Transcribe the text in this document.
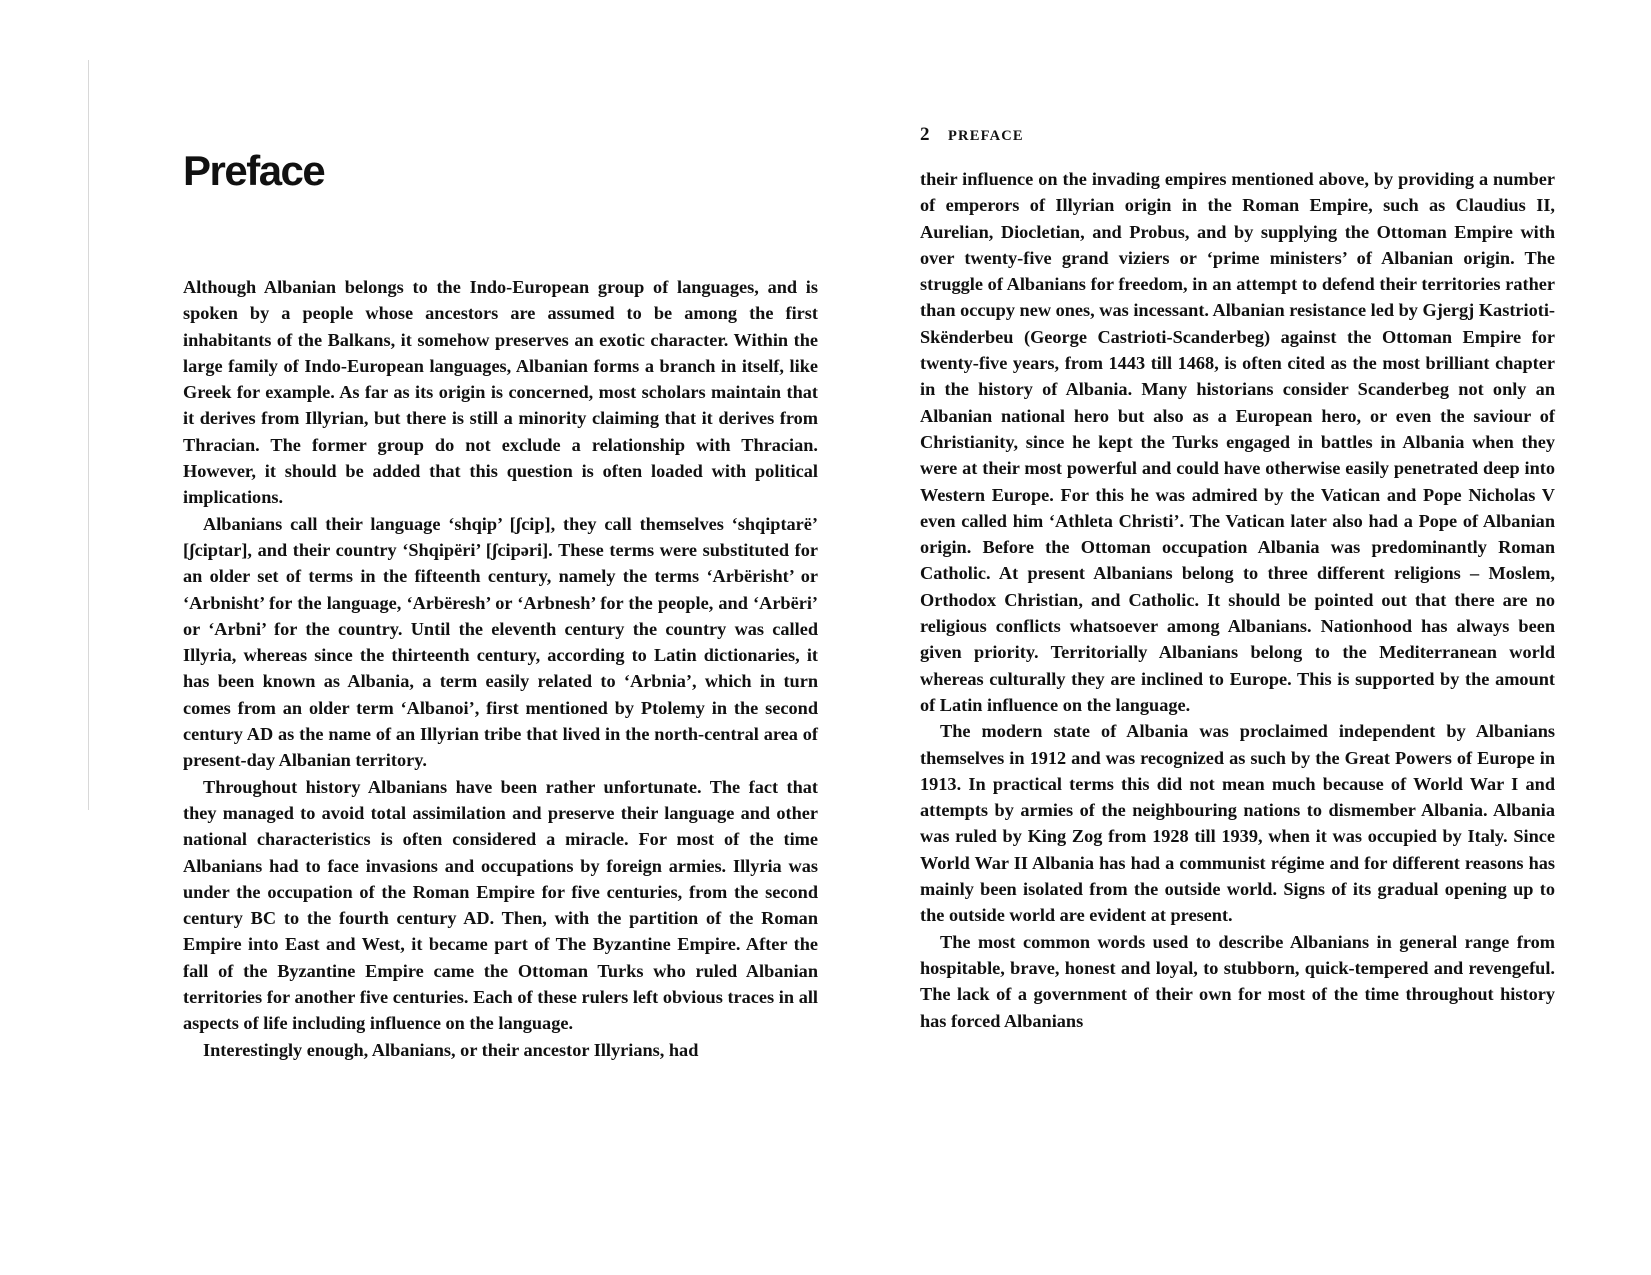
Preface

Although Albanian belongs to the Indo-European group of languages, and is spoken by a people whose ancestors are assumed to be among the first inhabitants of the Balkans, it somehow preserves an exotic character. Within the large family of Indo-European languages, Albanian forms a branch in itself, like Greek for example. As far as its origin is concerned, most scholars maintain that it derives from Illyrian, but there is still a minority claiming that it derives from Thracian. The former group do not exclude a relationship with Thracian. However, it should be added that this question is often loaded with political implications.

Albanians call their language ‘shqip’ [ʃcip], they call themselves ‘shqiptarë’ [ʃciptar], and their country ‘Shqipëri’ [ʃcipəri]. These terms were substituted for an older set of terms in the fifteenth century, namely the terms ‘Arbërisht’ or ‘Arbnisht’ for the language, ‘Arbëresh’ or ‘Arbnesh’ for the people, and ‘Arbëri’ or ‘Arbni’ for the country. Until the eleventh century the country was called Illyria, whereas since the thirteenth century, according to Latin dictionaries, it has been known as Albania, a term easily related to ‘Arbnia’, which in turn comes from an older term ‘Albanoi’, first mentioned by Ptolemy in the second century AD as the name of an Illyrian tribe that lived in the north-central area of present-day Albanian territory.

Throughout history Albanians have been rather unfortunate. The fact that they managed to avoid total assimilation and preserve their language and other national characteristics is often considered a miracle. For most of the time Albanians had to face invasions and occupations by foreign armies. Illyria was under the occupation of the Roman Empire for five centuries, from the second century BC to the fourth century AD. Then, with the partition of the Roman Empire into East and West, it became part of The Byzantine Empire. After the fall of the Byzantine Empire came the Ottoman Turks who ruled Albanian territories for another five centuries. Each of these rulers left obvious traces in all aspects of life including influence on the language.

Interestingly enough, Albanians, or their ancestor Illyrians, had

2 PREFACE

their influence on the invading empires mentioned above, by providing a number of emperors of Illyrian origin in the Roman Empire, such as Claudius II, Aurelian, Diocletian, and Probus, and by supplying the Ottoman Empire with over twenty-five grand viziers or ‘prime ministers’ of Albanian origin. The struggle of Albanians for freedom, in an attempt to defend their territories rather than occupy new ones, was incessant. Albanian resistance led by Gjergj Kastrioti-Skënderbeu (George Castrioti-Scanderbeg) against the Ottoman Empire for twenty-five years, from 1443 till 1468, is often cited as the most brilliant chapter in the history of Albania. Many historians consider Scanderbeg not only an Albanian national hero but also as a European hero, or even the saviour of Christianity, since he kept the Turks engaged in battles in Albania when they were at their most powerful and could have otherwise easily penetrated deep into Western Europe. For this he was admired by the Vatican and Pope Nicholas V even called him ‘Athleta Christi’. The Vatican later also had a Pope of Albanian origin. Before the Ottoman occupation Albania was predominantly Roman Catholic. At present Albanians belong to three different religions – Moslem, Orthodox Christian, and Catholic. It should be pointed out that there are no religious conflicts whatsoever among Albanians. Nationhood has always been given priority. Territorially Albanians belong to the Mediterranean world whereas culturally they are inclined to Europe. This is supported by the amount of Latin influence on the language.

The modern state of Albania was proclaimed independent by Albanians themselves in 1912 and was recognized as such by the Great Powers of Europe in 1913. In practical terms this did not mean much because of World War I and attempts by armies of the neighbouring nations to dismember Albania. Albania was ruled by King Zog from 1928 till 1939, when it was occupied by Italy. Since World War II Albania has had a communist régime and for different reasons has mainly been isolated from the outside world. Signs of its gradual opening up to the outside world are evident at present.

The most common words used to describe Albanians in general range from hospitable, brave, honest and loyal, to stubborn, quick-tempered and revengeful. The lack of a government of their own for most of the time throughout history has forced Albanians
